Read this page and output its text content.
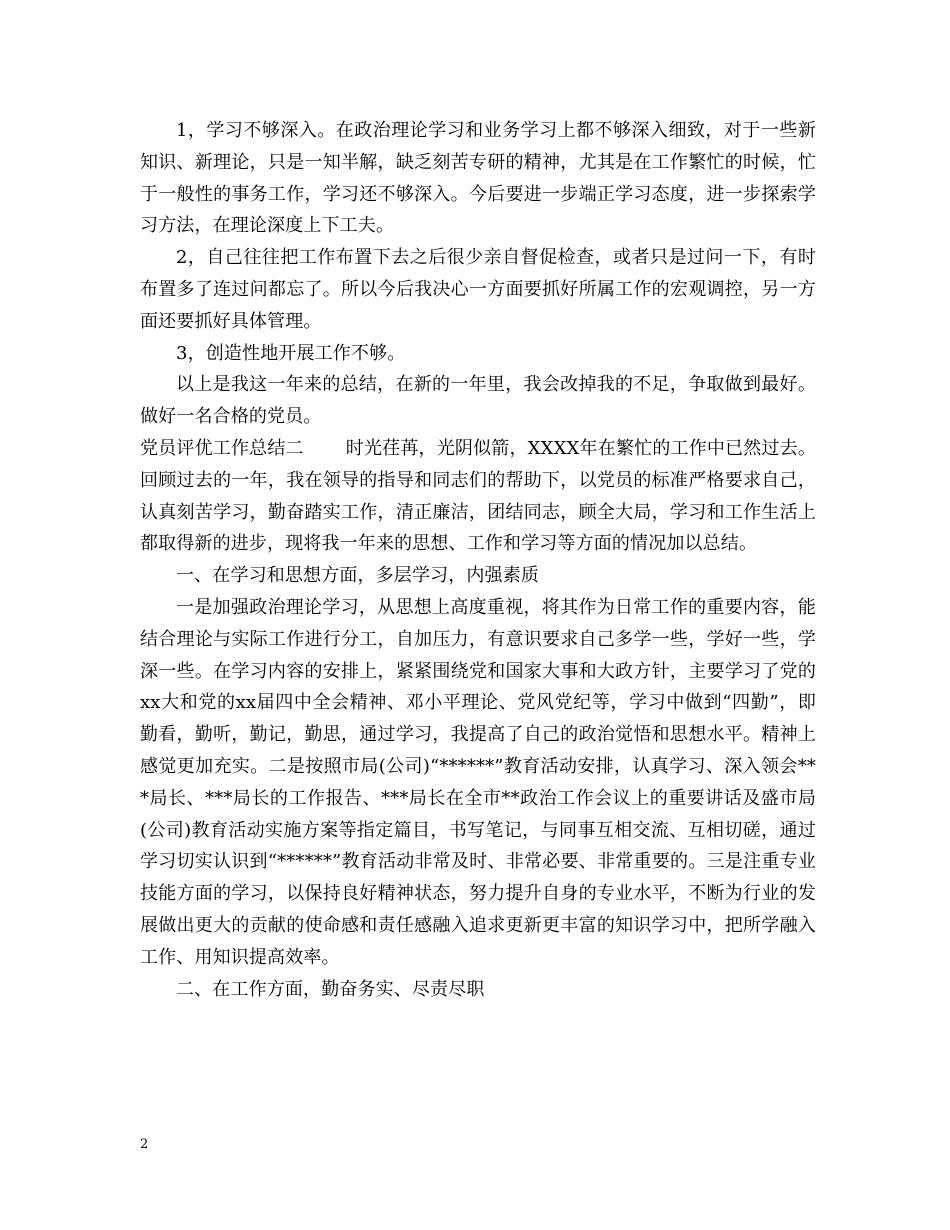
1，学习不够深入。在政治理论学习和业务学习上都不够深入细致，对于一些新知识、新理论，只是一知半解，缺乏刻苦专研的精神，尤其是在工作繁忙的时候，忙于一般性的事务工作，学习还不够深入。今后要进一步端正学习态度，进一步探索学习方法，在理论深度上下工夫。

2，自己往往把工作布置下去之后很少亲自督促检查，或者只是过问一下，有时布置多了连过问都忘了。所以今后我决心一方面要抓好所属工作的宏观调控，另一方面还要抓好具体管理。

3，创造性地开展工作不够。

以上是我这一年来的总结，在新的一年里，我会改掉我的不足，争取做到最好。做好一名合格的党员。

党员评优工作总结二 时光荏苒，光阴似箭，XXXX年在繁忙的工作中已然过去。回顾过去的一年，我在领导的指导和同志们的帮助下，以党员的标准严格要求自己，认真刻苦学习，勤奋踏实工作，清正廉洁，团结同志，顾全大局，学习和工作生活上都取得新的进步，现将我一年来的思想、工作和学习等方面的情况加以总结。

一、在学习和思想方面，多层学习，内强素质

一是加强政治理论学习，从思想上高度重视，将其作为日常工作的重要内容，能结合理论与实际工作进行分工，自加压力，有意识要求自己多学一些，学好一些，学深一些。在学习内容的安排上，紧紧围绕党和国家大事和大政方针，主要学习了党的xx大和党的xx届四中全会精神、邓小平理论、党风党纪等，学习中做到“四勤”，即勤看，勤听，勤记，勤思，通过学习，我提高了自己的政治觉悟和思想水平。精神上感觉更加充实。二是按照市局(公司)“******”教育活动安排，认真学习、深入领会***局长、***局长的工作报告、***局长在全市**政治工作会议上的重要讲话及盛市局(公司)教育活动实施方案等指定篇目，书写笔记，与同事互相交流、互相切磋，通过学习切实认识到“******”教育活动非常及时、非常必要、非常重要的。三是注重专业技能方面的学习，以保持良好精神状态，努力提升自身的专业水平，不断为行业的发展做出更大的贡献的使命感和责任感融入追求更新更丰富的知识学习中，把所学融入工作、用知识提高效率。

二、在工作方面，勤奋务实、尽责尽职

2
